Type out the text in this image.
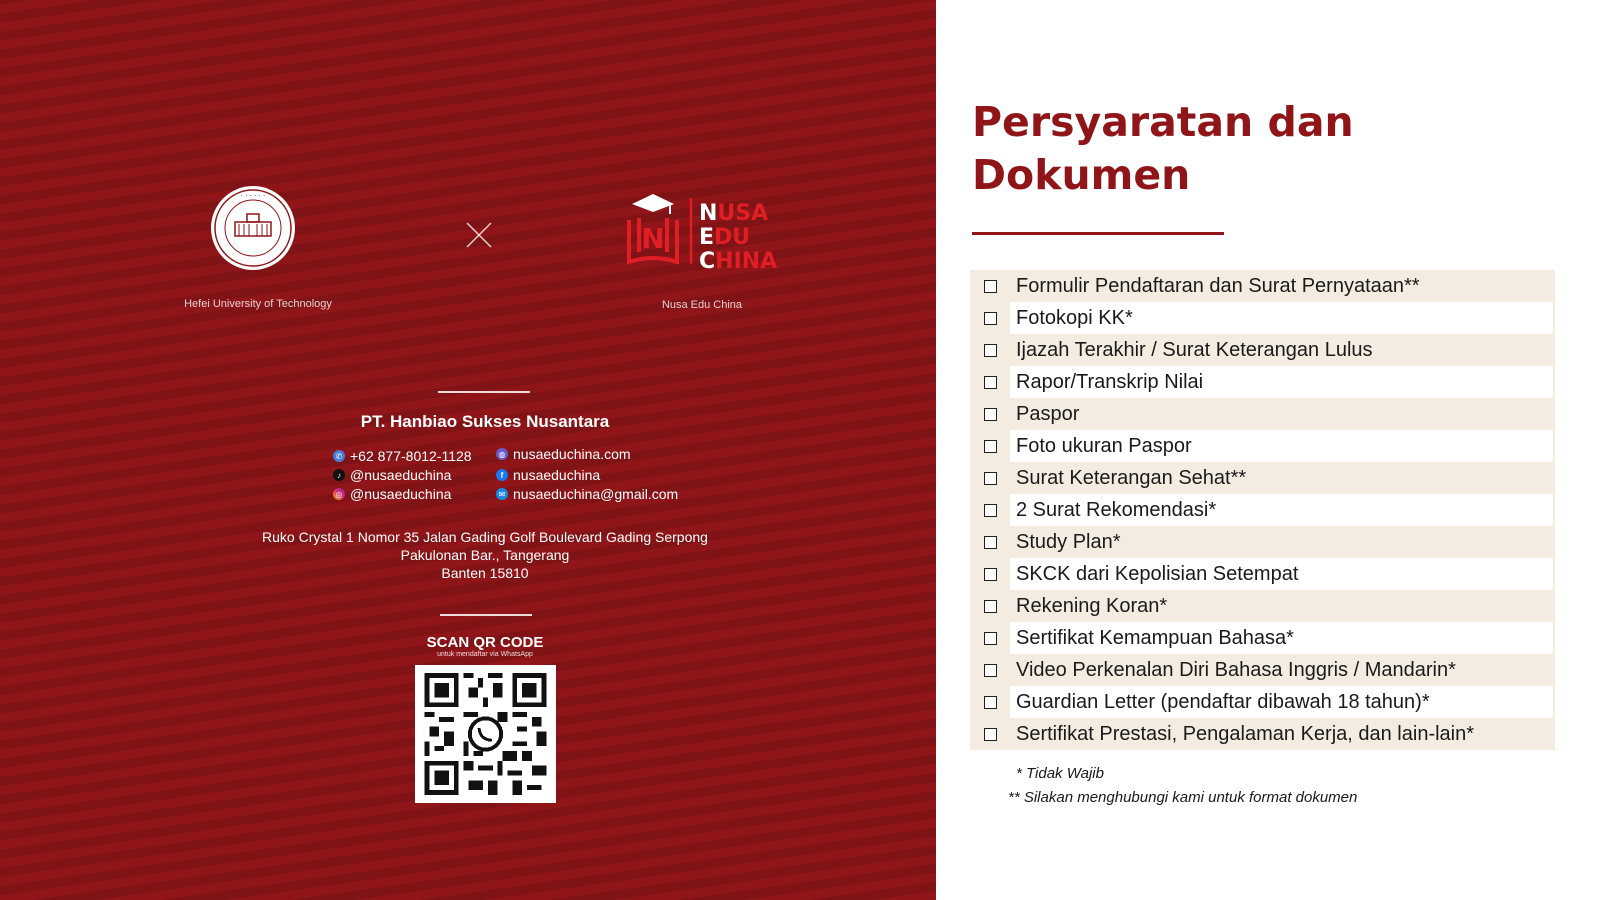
· · · · · ·
Hefei University of Technology
N
NUSA
EDU
CHINA
Nusa Edu China
PT. Hanbiao Sukses Nusantara
✆ +62 877-8012-1128	◍ nusaeduchina.com
♪ @nusaeduchina	f nusaeduchina
◎ @nusaeduchina	✉ nusaeduchina@gmail.com
Ruko Crystal 1 Nomor 35 Jalan Gading Golf Boulevard Gading Serpong
Pakulonan Bar., Tangerang
Banten 15810
SCAN QR CODE
untuk mendaftar via WhatsApp
Persyaratan dan
Dokumen
Formulir Pendaftaran dan Surat Pernyataan**
Fotokopi KK*
Ijazah Terakhir / Surat Keterangan Lulus
Rapor/Transkrip Nilai
Paspor
Foto ukuran Paspor
Surat Keterangan Sehat**
2 Surat Rekomendasi*
Study Plan*
SKCK dari Kepolisian Setempat
Rekening Koran*
Sertifikat Kemampuan Bahasa*
Video Perkenalan Diri Bahasa Inggris / Mandarin*
Guardian Letter (pendaftar dibawah 18 tahun)*
Sertifikat Prestasi, Pengalaman Kerja, dan lain-lain*
* Tidak Wajib
** Silakan menghubungi kami untuk format dokumen
